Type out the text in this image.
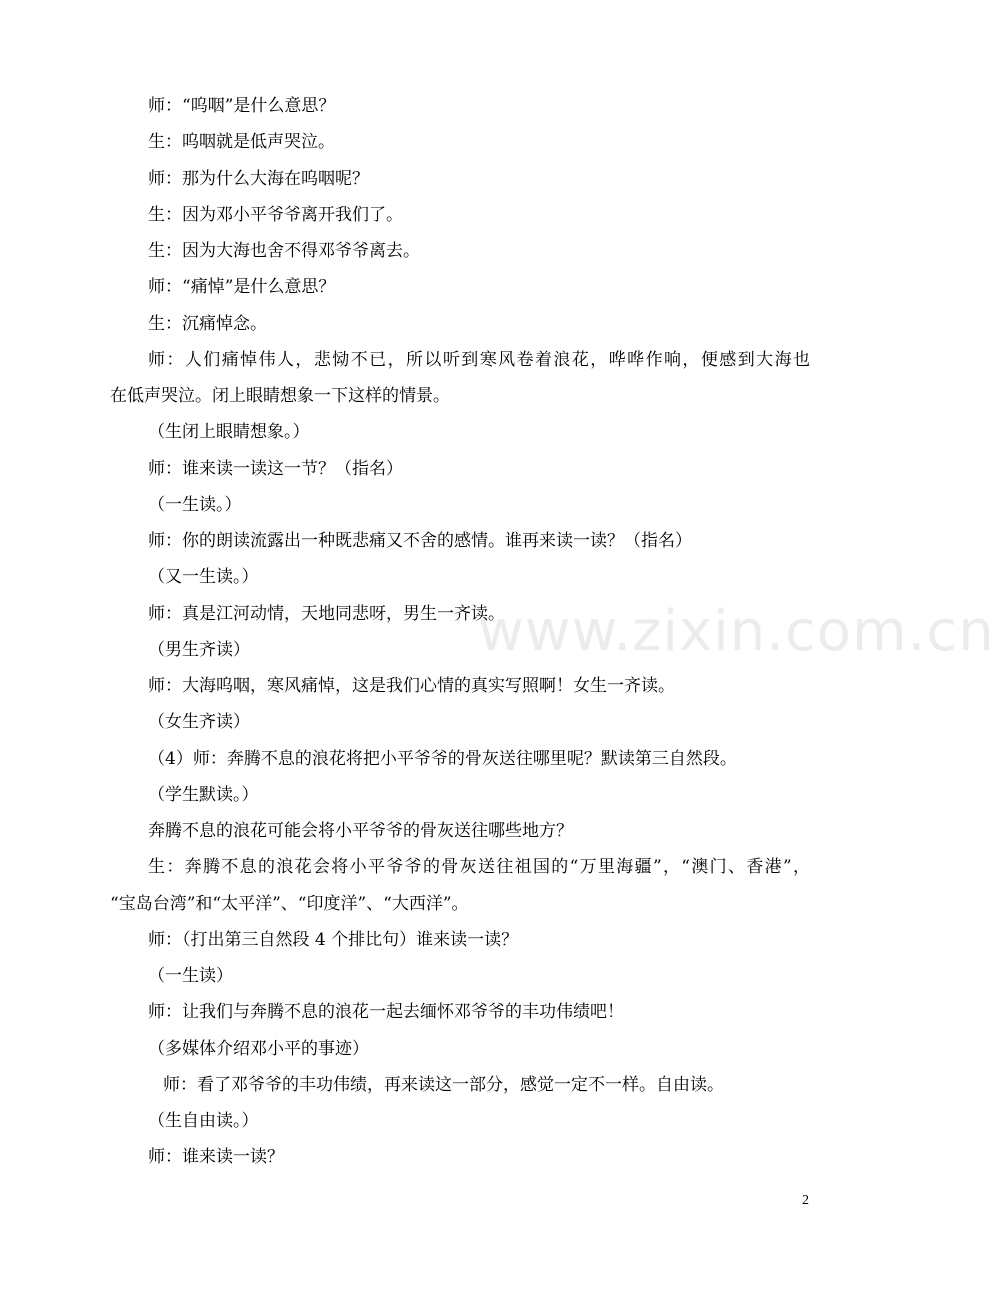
师：“呜咽”是什么意思？
生：呜咽就是低声哭泣。
师：那为什么大海在呜咽呢？
生：因为邓小平爷爷离开我们了。
生：因为大海也舍不得邓爷爷离去。
师：“痛悼”是什么意思？
生：沉痛悼念。
师：人们痛悼伟人，悲恸不已，所以听到寒风卷着浪花，哗哗作响，便感到大海也
在低声哭泣。闭上眼睛想象一下这样的情景。
（生闭上眼睛想象。）
师：谁来读一读这一节？（指名）
（一生读。）
师：你的朗读流露出一种既悲痛又不舍的感情。谁再来读一读？（指名）
（又一生读。）
师：真是江河动情，天地同悲呀，男生一齐读。
（男生齐读）
师：大海呜咽，寒风痛悼，这是我们心情的真实写照啊！女生一齐读。
（女生齐读）
（4）师：奔腾不息的浪花将把小平爷爷的骨灰送往哪里呢？默读第三自然段。
（学生默读。）
奔腾不息的浪花可能会将小平爷爷的骨灰送往哪些地方？
生：奔腾不息的浪花会将小平爷爷的骨灰送往祖国的“万里海疆”，“澳门、香港”，
“宝岛台湾”和“太平洋”、“印度洋”、“大西洋”。
师：（打出第三自然段 4 个排比句）谁来读一读？
（一生读）
师：让我们与奔腾不息的浪花一起去缅怀邓爷爷的丰功伟绩吧！
（多媒体介绍邓小平的事迹）
师：看了邓爷爷的丰功伟绩，再来读这一部分，感觉一定不一样。自由读。
（生自由读。）
师：谁来读一读？
www.zixin.com.cn
2
